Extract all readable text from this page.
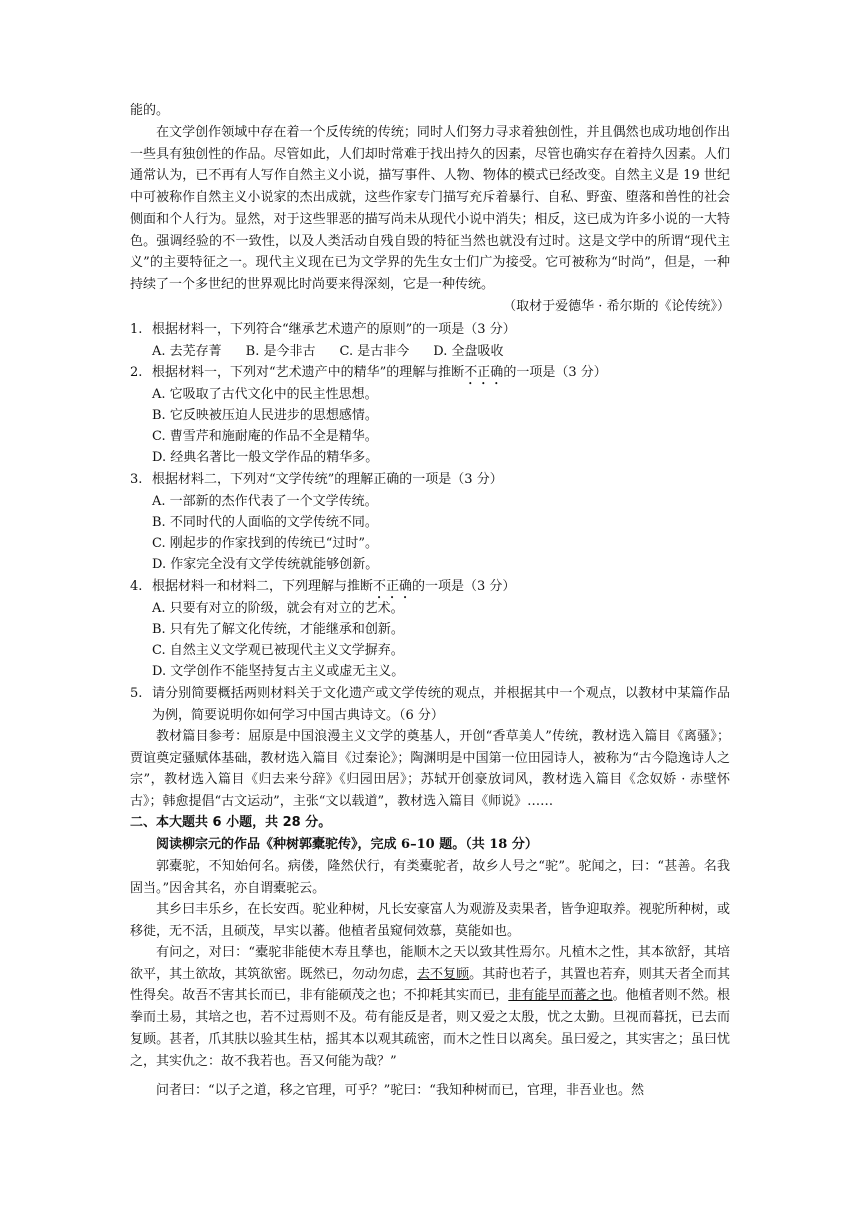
能的。
在文学创作领域中存在着一个反传统的传统；同时人们努力寻求着独创性，并且偶然也成功地创作出一些具有独创性的作品。尽管如此，人们却时常难于找出持久的因素，尽管也确实存在着持久因素。人们通常认为，已不再有人写作自然主义小说，描写事件、人物、物体的模式已经改变。自然主义是 19 世纪中可被称作自然主义小说家的杰出成就，这些作家专门描写充斥着暴行、自私、野蛮、堕落和兽性的社会侧面和个人行为。显然，对于这些罪恶的描写尚未从现代小说中消失；相反，这已成为许多小说的一大特色。强调经验的不一致性，以及人类活动自残自毁的特征当然也就没有过时。这是文学中的所谓“现代主义”的主要特征之一。现代主义现在已为文学界的先生女士们广为接受。它可被称为“时尚”，但是，一种持续了一个多世纪的世界观比时尚要来得深刻，它是一种传统。
（取材于爱德华 · 希尔斯的《论传统》）
1. 根据材料一，下列符合“继承艺术遗产的原则”的一项是（3 分）
A. 去芜存菁 B. 是今非古 C. 是古非今 D. 全盘吸收
2. 根据材料一，下列对“艺术遗产中的精华”的理解与推断不正确的一项是（3 分）
A. 它吸取了古代文化中的民主性思想。
B. 它反映被压迫人民进步的思想感情。
C. 曹雪芹和施耐庵的作品不全是精华。
D. 经典名著比一般文学作品的精华多。
3. 根据材料二，下列对“文学传统”的理解正确的一项是（3 分）
A. 一部新的杰作代表了一个文学传统。
B. 不同时代的人面临的文学传统不同。
C. 刚起步的作家找到的传统已“过时”。
D. 作家完全没有文学传统就能够创新。
4. 根据材料一和材料二，下列理解与推断不正确的一项是（3 分）
A. 只要有对立的阶级，就会有对立的艺术。
B. 只有先了解文化传统，才能继承和创新。
C. 自然主义文学观已被现代主义文学摒弃。
D. 文学创作不能坚持复古主义或虚无主义。
5. 请分别简要概括两则材料关于文化遗产或文学传统的观点，并根据其中一个观点，以教材中某篇作品为例，简要说明你如何学习中国古典诗文。（6 分）
教材篇目参考：屈原是中国浪漫主义文学的奠基人，开创“香草美人”传统，教材选入篇目《离骚》；贾谊奠定骚赋体基础，教材选入篇目《过秦论》；陶渊明是中国第一位田园诗人，被称为“古今隐逸诗人之宗”，教材选入篇目《归去来兮辞》《归园田居》；苏轼开创豪放词风，教材选入篇目《念奴娇 · 赤壁怀古》；韩愈提倡“古文运动”，主张“文以载道”，教材选入篇目《师说》……
二、本大题共 6 小题，共 28 分。
阅读柳宗元的作品《种树郭橐驼传》，完成 6–10 题。（共 18 分）
郭橐驼，不知始何名。病偻，隆然伏行，有类橐驼者，故乡人号之“驼”。驼闻之，曰：“甚善。名我固当。”因舍其名，亦自谓橐驼云。
其乡曰丰乐乡，在长安西。驼业种树，凡长安豪富人为观游及卖果者，皆争迎取养。视驼所种树，或移徙，无不活，且硕茂，早实以蕃。他植者虽窥伺效慕，莫能如也。
有问之，对曰：“橐驼非能使木寿且孳也，能顺木之天以致其性焉尔。凡植木之性，其本欲舒，其培欲平，其土欲故，其筑欲密。既然已，勿动勿虑，去不复顾。其莳也若子，其置也若弃，则其天者全而其性得矣。故吾不害其长而已，非有能硕茂之也；不抑耗其实而已，非有能早而蕃之也。他植者则不然。根拳而土易，其培之也，若不过焉则不及。苟有能反是者，则又爱之太殷，忧之太勤。旦视而暮抚，已去而复顾。甚者，爪其肤以验其生枯，摇其本以观其疏密，而木之性日以离矣。虽曰爱之，其实害之；虽曰忧之，其实仇之：故不我若也。吾又何能为哉？”
问者曰：“以子之道，移之官理，可乎？”驼曰：“我知种树而已，官理，非吾业也。然
